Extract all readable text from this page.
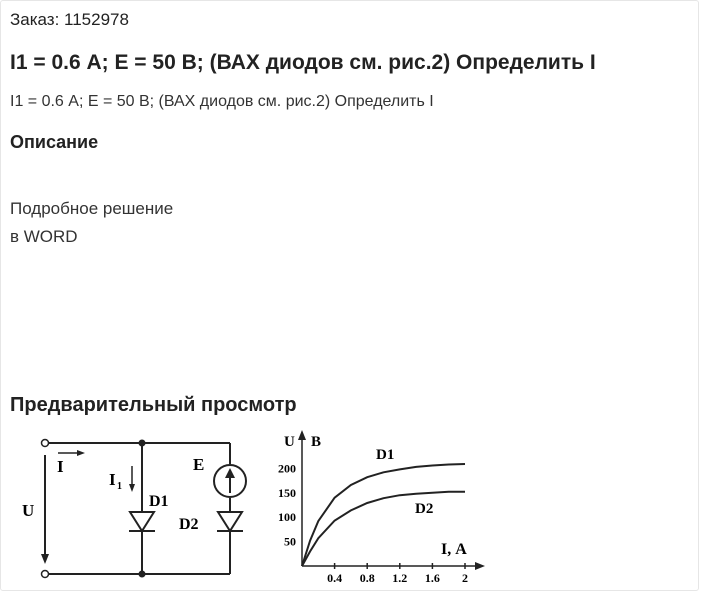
Заказ: 1152978
I1 = 0.6 А; Е = 50 В; (ВАХ диодов см. рис.2) Определить I
I1 = 0.6 А; Е = 50 В; (ВАХ диодов см. рис.2) Определить I
Описание
Подробное решение
в WORD
Предварительный просмотр
I
U
I 1
D1
D2
E
U В
I, А
200
150
100
50
0.4 0.8 1.2 1.6 2
D1
D2
